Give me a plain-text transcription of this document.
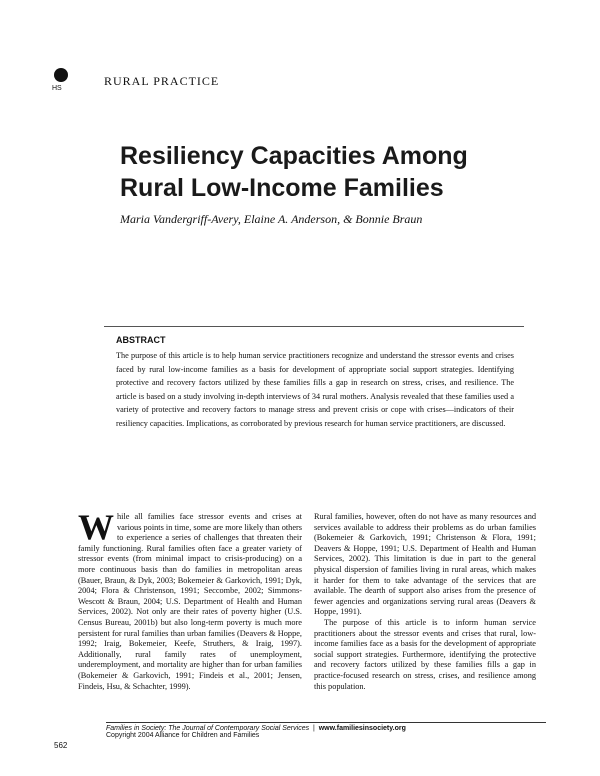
HS
RURAL PRACTICE
Resiliency Capacities Among
Rural Low-Income Families
Maria Vandergriff-Avery, Elaine A. Anderson, & Bonnie Braun
ABSTRACT
The purpose of this article is to help human service practitioners recognize and understand the stressor events and crises faced by rural low-income families as a basis for development of appropriate social support strategies. Identifying protective and recovery factors utilized by these families fills a gap in research on stress, crises, and resilience. The article is based on a study involving in-depth interviews of 34 rural mothers. Analysis revealed that these families used a variety of protective and recovery factors to manage stress and prevent crisis or cope with crises—indicators of their resiliency capacities. Implications, as corroborated by previous research for human service practitioners, are discussed.
W hile all families face stressor events and crises at various points in time, some are more likely than others to experience a series of challenges that threaten their family functioning. Rural families often face a greater variety of stressor events (from minimal impact to crisis-producing) on a more continuous basis than do families in metropolitan areas (Bauer, Braun, & Dyk, 2003; Bokemeier & Garkovich, 1991; Dyk, 2004; Flora & Christenson, 1991; Seccombe, 2002; Simmons-Wescott & Braun, 2004; U.S. Department of Health and Human Services, 2002). Not only are their rates of poverty higher (U.S. Census Bureau, 2001b) but also long-term poverty is much more persistent for rural families than urban families (Deavers & Hoppe, 1992; Iraig, Bokemeier, Keefe, Struthers, & Iraig, 1997). Additionally, rural family rates of unemployment, underemployment, and mortality are higher than for urban families (Bokemeier & Garkovich, 1991; Findeis et al., 2001; Jensen, Findeis, Hsu, & Schachter, 1999).

Rural families, however, often do not have as many resources and services available to address their problems as do urban families (Bokemeier & Garkovich, 1991; Christenson & Flora, 1991; Deavers & Hoppe, 1991; U.S. Department of Health and Human Services, 2002). This limitation is due in part to the general physical dispersion of families living in rural areas, which makes it harder for them to take advantage of the services that are available. The dearth of support also arises from the presence of fewer agencies and organizations serving rural areas (Deavers & Hoppe, 1991).

The purpose of this article is to inform human service practitioners about the stressor events and crises that rural, low-income families face as a basis for the development of appropriate social support strategies. Furthermore, identifying the protective and recovery factors utilized by these families fills a gap in practice-focused research on stress, crises, and resilience among this population.

Families in Society: The Journal of Contemporary Social Services  |  www.familiesinsociety.org
Copyright 2004 Alliance for Children and Families
562
